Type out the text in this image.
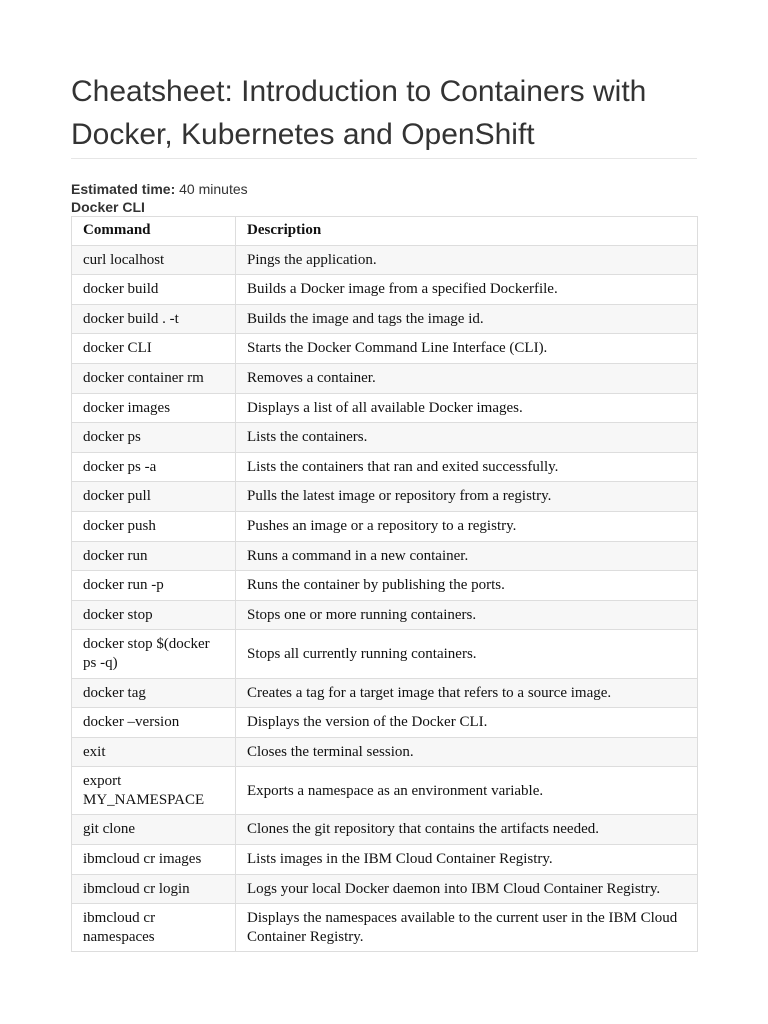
Cheatsheet: Introduction to Containers with Docker, Kubernetes and OpenShift
Estimated time: 40 minutes
Docker CLI
Command	Description
curl localhost	Pings the application.
docker build	Builds a Docker image from a specified Dockerfile.
docker build . -t	Builds the image and tags the image id.
docker CLI	Starts the Docker Command Line Interface (CLI).
docker container rm	Removes a container.
docker images	Displays a list of all available Docker images.
docker ps	Lists the containers.
docker ps -a	Lists the containers that ran and exited successfully.
docker pull	Pulls the latest image or repository from a registry.
docker push	Pushes an image or a repository to a registry.
docker run	Runs a command in a new container.
docker run -p	Runs the container by publishing the ports.
docker stop	Stops one or more running containers.
docker stop $(docker ps -q)	Stops all currently running containers.
docker tag	Creates a tag for a target image that refers to a source image.
docker –version	Displays the version of the Docker CLI.
exit	Closes the terminal session.
export MY_NAMESPACE	Exports a namespace as an environment variable.
git clone	Clones the git repository that contains the artifacts needed.
ibmcloud cr images	Lists images in the IBM Cloud Container Registry.
ibmcloud cr login	Logs your local Docker daemon into IBM Cloud Container Registry.
ibmcloud cr namespaces	Displays the namespaces available to the current user in the IBM Cloud Container Registry.
